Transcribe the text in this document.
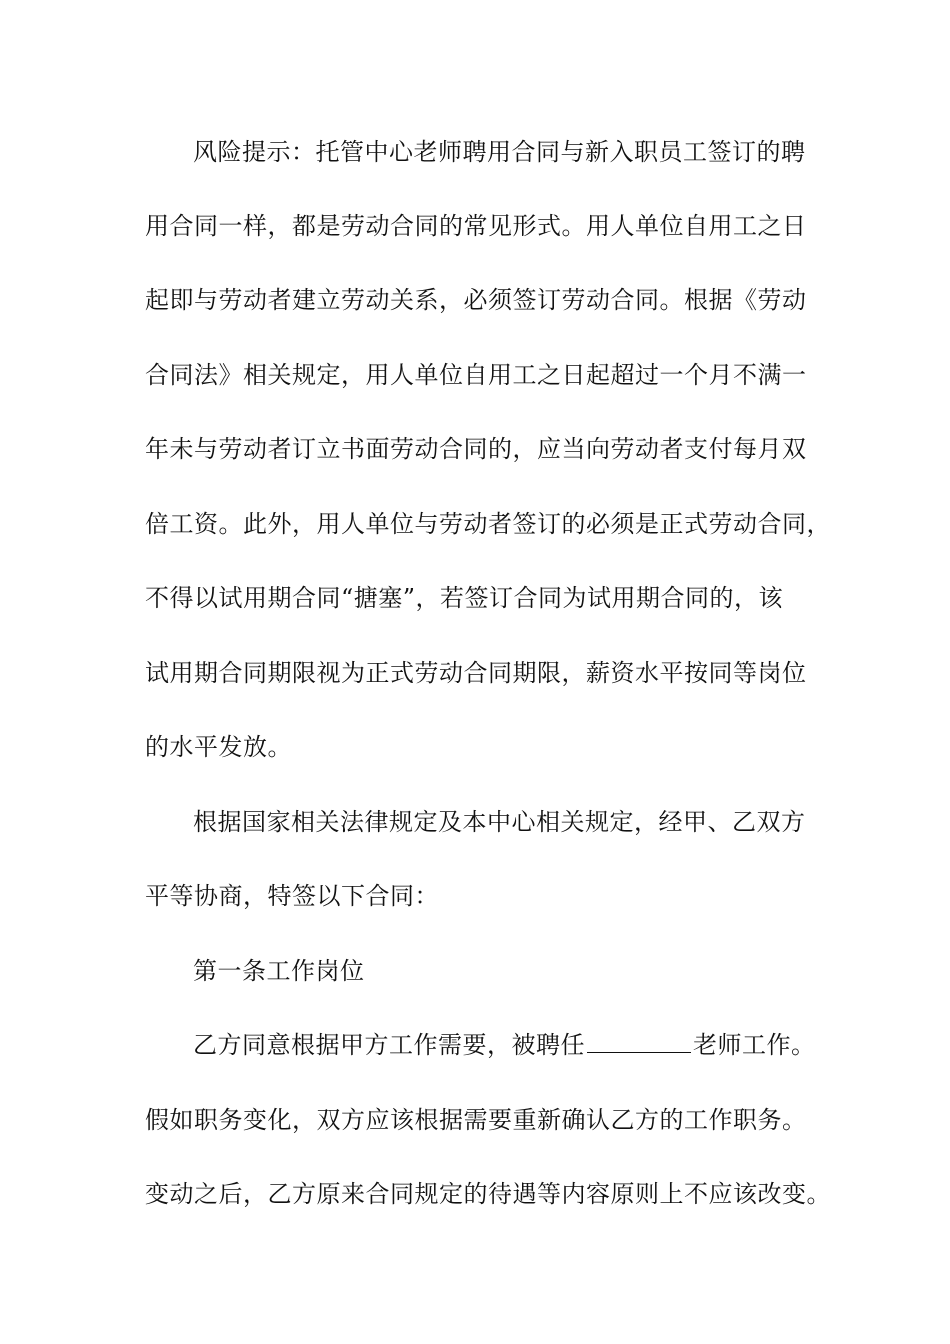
风险提示：托管中心老师聘用合同与新入职员工签订的聘
用合同一样，都是劳动合同的常见形式。用人单位自用工之日
起即与劳动者建立劳动关系，必须签订劳动合同。根据《劳动
合同法》相关规定，用人单位自用工之日起超过一个月不满一
年未与劳动者订立书面劳动合同的，应当向劳动者支付每月双
倍工资。此外，用人单位与劳动者签订的必须是正式劳动合同，
不得以试用期合同“搪塞”，若签订合同为试用期合同的，该
试用期合同期限视为正式劳动合同期限，薪资水平按同等岗位
的水平发放。
根据国家相关法律规定及本中心相关规定，经甲、乙双方
平等协商，特签以下合同：
第一条工作岗位
乙方同意根据甲方工作需要，被聘任	老师工作。
假如职务变化，双方应该根据需要重新确认乙方的工作职务。
变动之后，乙方原来合同规定的待遇等内容原则上不应该改变。
